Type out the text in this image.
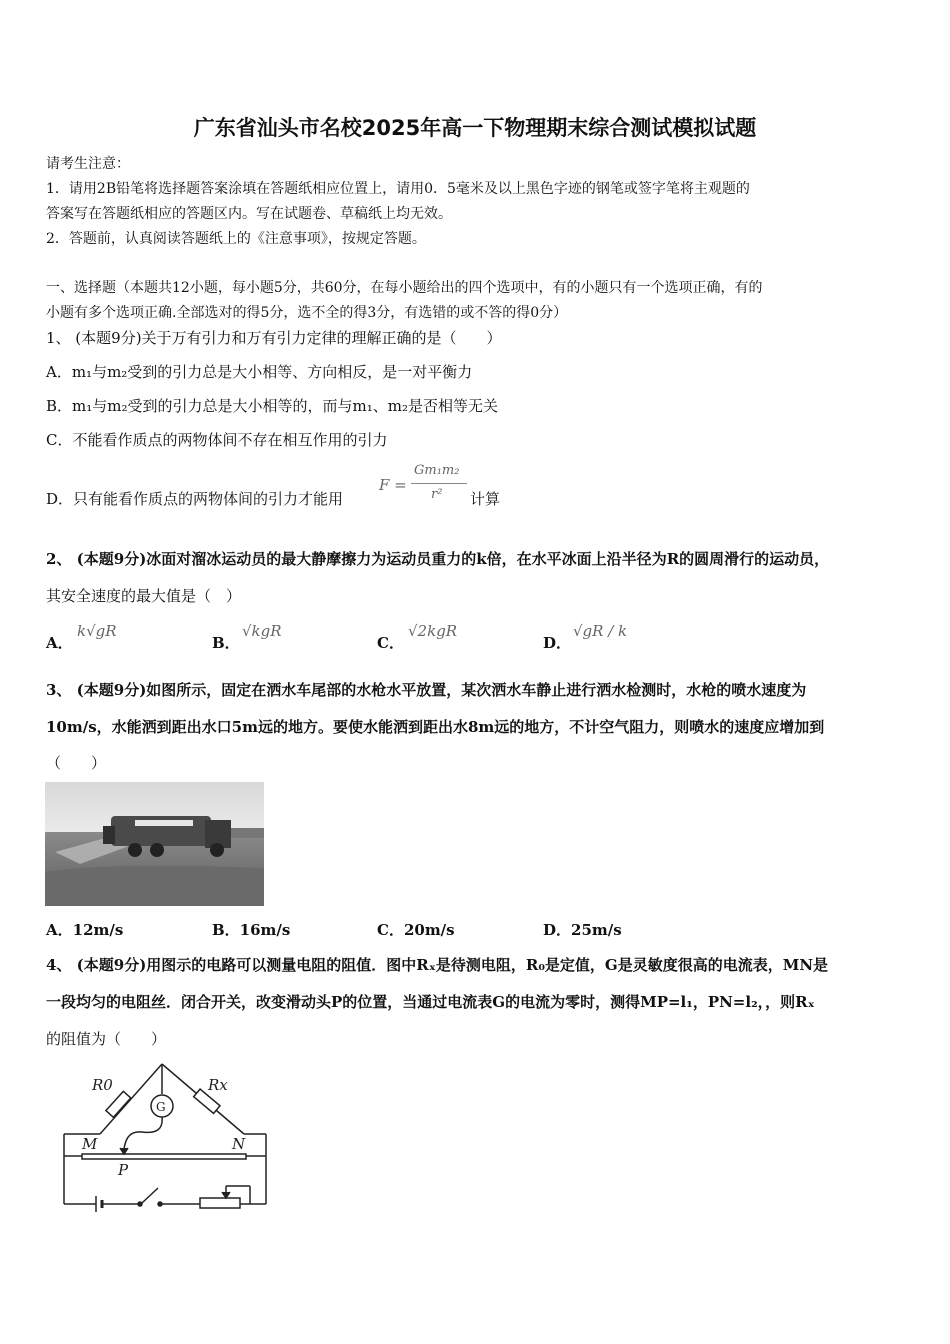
广东省汕头市名校2025年高一下物理期末综合测试模拟试题
请考生注意：
1．请用2B铅笔将选择题答案涂填在答题纸相应位置上，请用0．5毫米及以上黑色字迹的钢笔或签字笔将主观题的
答案写在答题纸相应的答题区内。写在试题卷、草稿纸上均无效。
2．答题前，认真阅读答题纸上的《注意事项》，按规定答题。
一、选择题（本题共12小题，每小题5分，共60分，在每小题给出的四个选项中，有的小题只有一个选项正确，有的
小题有多个选项正确.全部选对的得5分，选不全的得3分，有选错的或不答的得0分）
1、 (本题9分)关于万有引力和万有引力定律的理解正确的是（　　）
A．m₁与m₂受到的引力总是大小相等、方向相反，是一对平衡力
B．m₁与m₂受到的引力总是大小相等的，而与m₁、m₂是否相等无关
C．不能看作质点的两物体间不存在相互作用的引力
D．只有能看作质点的两物体间的引力才能用
F =
Gm₁m₂
r² 计算
2、 (本题9分)冰面对溜冰运动员的最大静摩擦力为运动员重力的k倍，在水平冰面上沿半径为R的圆周滑行的运动员，
其安全速度的最大值是（　）
A．
k√gR
B．
√kgR
C．
√2kgR
D．
√gR / k
3、 (本题9分)如图所示，固定在洒水车尾部的水枪水平放置，某次洒水车静止进行洒水检测时，水枪的喷水速度为
10m/s，水能洒到距出水口5m远的地方。要使水能洒到距出水8m远的地方，不计空气阻力，则喷水的速度应增加到
（　　）
A．12m/s	B．16m/s	C．20m/s	D．25m/s
4、 (本题9分)用图示的电路可以测量电阻的阻值．图中Rₓ是待测电阻，R₀是定值，G是灵敏度很高的电流表，MN是
一段均匀的电阻丝．闭合开关，改变滑动头P的位置，当通过电流表G的电流为零时，测得MP=l₁，PN=l₂，，则Rₓ
的阻值为（　　）
R0	Rx
G
M	N
P
